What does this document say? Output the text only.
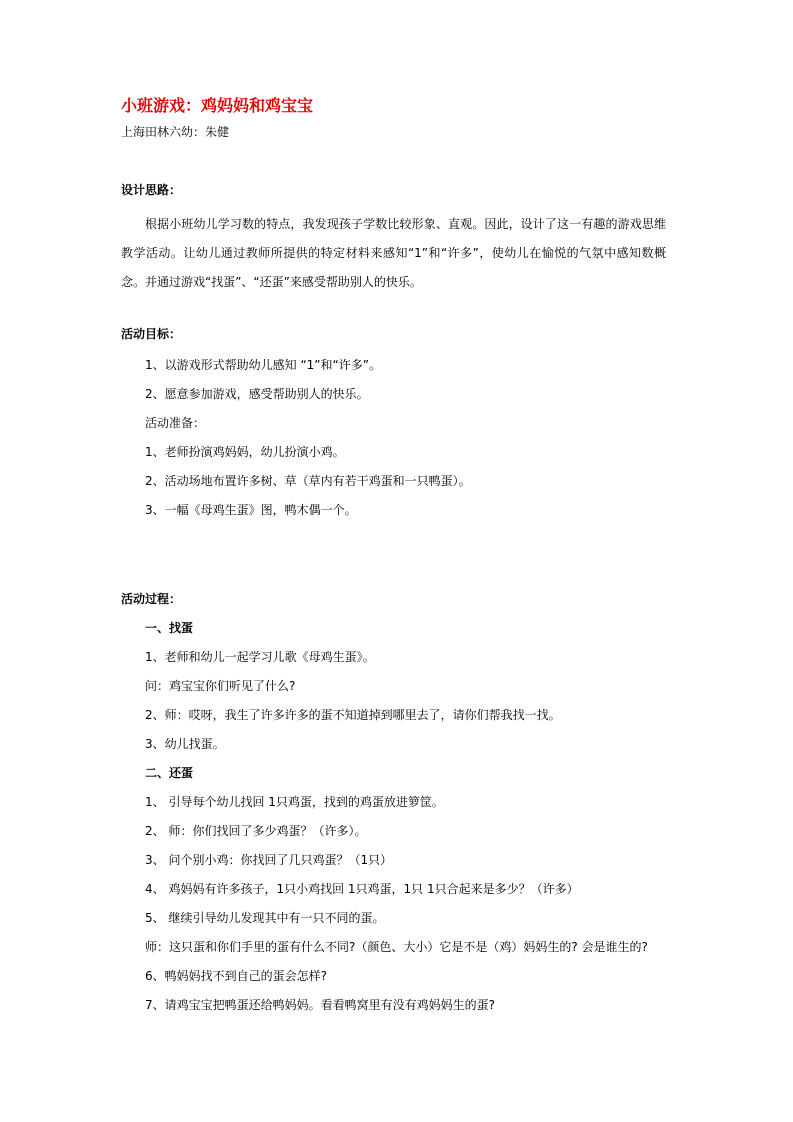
小班游戏：鸡妈妈和鸡宝宝
上海田林六幼：朱健
设计思路：
根据小班幼儿学习数的特点，我发现孩子学数比较形象、直观。因此，设计了这一有趣的游戏思维教学活动。让幼儿通过教师所提供的特定材料来感知“1”和“许多”，使幼儿在愉悦的气氛中感知数概念。并通过游戏“找蛋”、“还蛋”来感受帮助别人的快乐。
活动目标：
1、以游戏形式帮助幼儿感知 “1”和“许多”。
2、愿意参加游戏，感受帮助别人的快乐。
活动准备：
1、老师扮演鸡妈妈，幼儿扮演小鸡。
2、活动场地布置许多树、草（草内有若干鸡蛋和一只鸭蛋）。
3、一幅《母鸡生蛋》图，鸭木偶一个。
活动过程：
一、找蛋
1、老师和幼儿一起学习儿歌《母鸡生蛋》。
问：鸡宝宝你们听见了什么?
2、师：哎呀，我生了许多许多的蛋不知道掉到哪里去了，请你们帮我找一找。
3、幼儿找蛋。
二、还蛋
1、 引导每个幼儿找回 1只鸡蛋，找到的鸡蛋放进箩筐。
2、 师：你们找回了多少鸡蛋？（许多）。
3、 问个别小鸡：你找回了几只鸡蛋？（1只）
4、 鸡妈妈有许多孩子，1只小鸡找回 1只鸡蛋，1只 1只合起来是多少？（许多）
5、 继续引导幼儿发现其中有一只不同的蛋。
师：这只蛋和你们手里的蛋有什么不同?（颜色、大小）它是不是（鸡）妈妈生的? 会是谁生的?
6、鸭妈妈找不到自己的蛋会怎样?
7、请鸡宝宝把鸭蛋还给鸭妈妈。看看鸭窝里有没有鸡妈妈生的蛋?
